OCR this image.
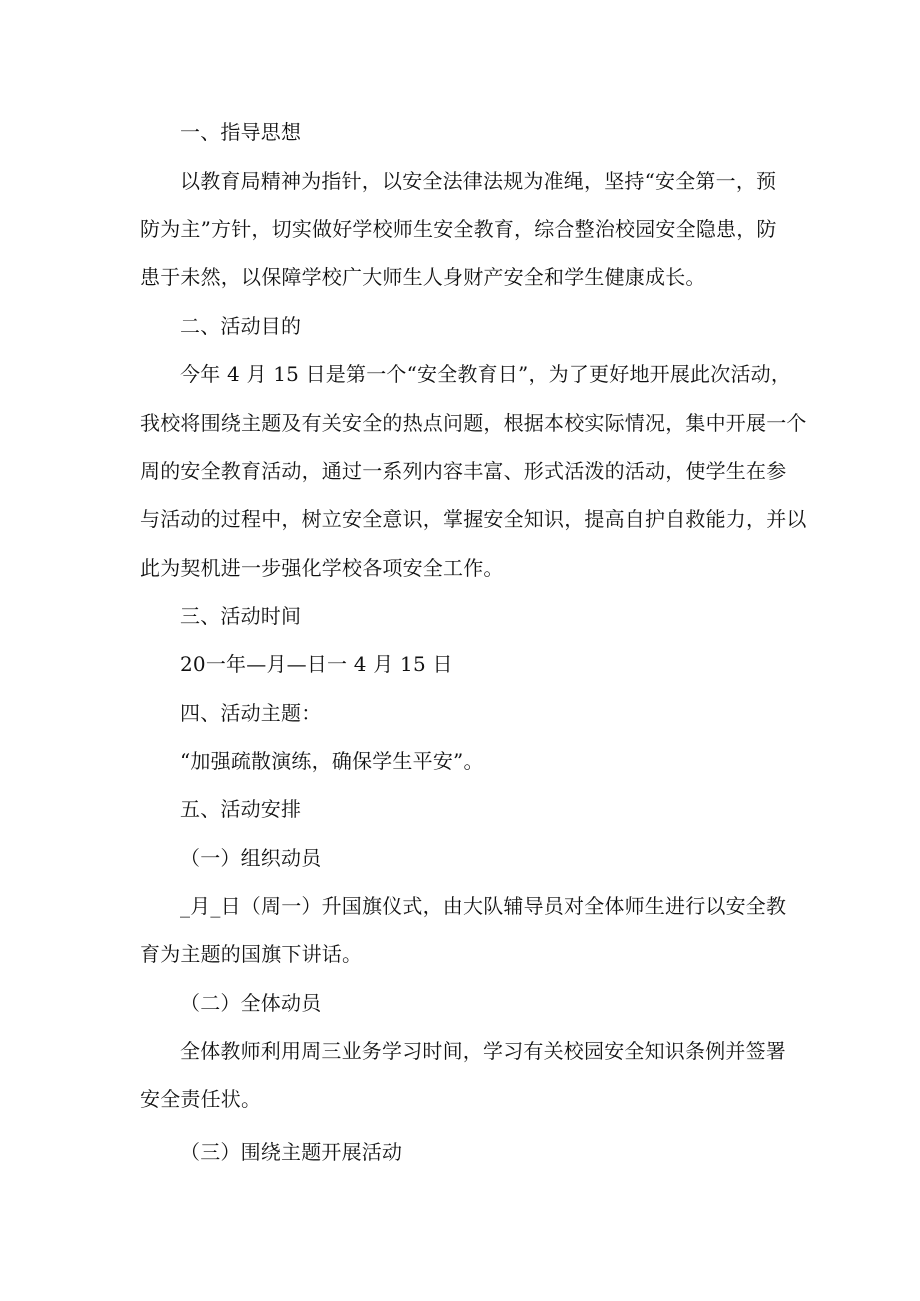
一、指导思想
以教育局精神为指针，以安全法律法规为准绳，坚持“安全第一，预
防为主”方针，切实做好学校师生安全教育，综合整治校园安全隐患，防
患于未然，以保障学校广大师生人身财产安全和学生健康成长。
二、活动目的
今年 4 月 15 日是第一个“安全教育日”，为了更好地开展此次活动，
我校将围绕主题及有关安全的热点问题，根据本校实际情况，集中开展一个
周的安全教育活动，通过一系列内容丰富、形式活泼的活动，使学生在参
与活动的过程中，树立安全意识，掌握安全知识，提高自护自救能力，并以
此为契机进一步强化学校各项安全工作。
三、活动时间
20一年—月—日一 4 月 15 日
四、活动主题：
“加强疏散演练，确保学生平安”。
五、活动安排
（一）组织动员
_月_日（周一）升国旗仪式，由大队辅导员对全体师生进行以安全教
育为主题的国旗下讲话。
（二）全体动员
全体教师利用周三业务学习时间，学习有关校园安全知识条例并签署
安全责任状。
（三）围绕主题开展活动
